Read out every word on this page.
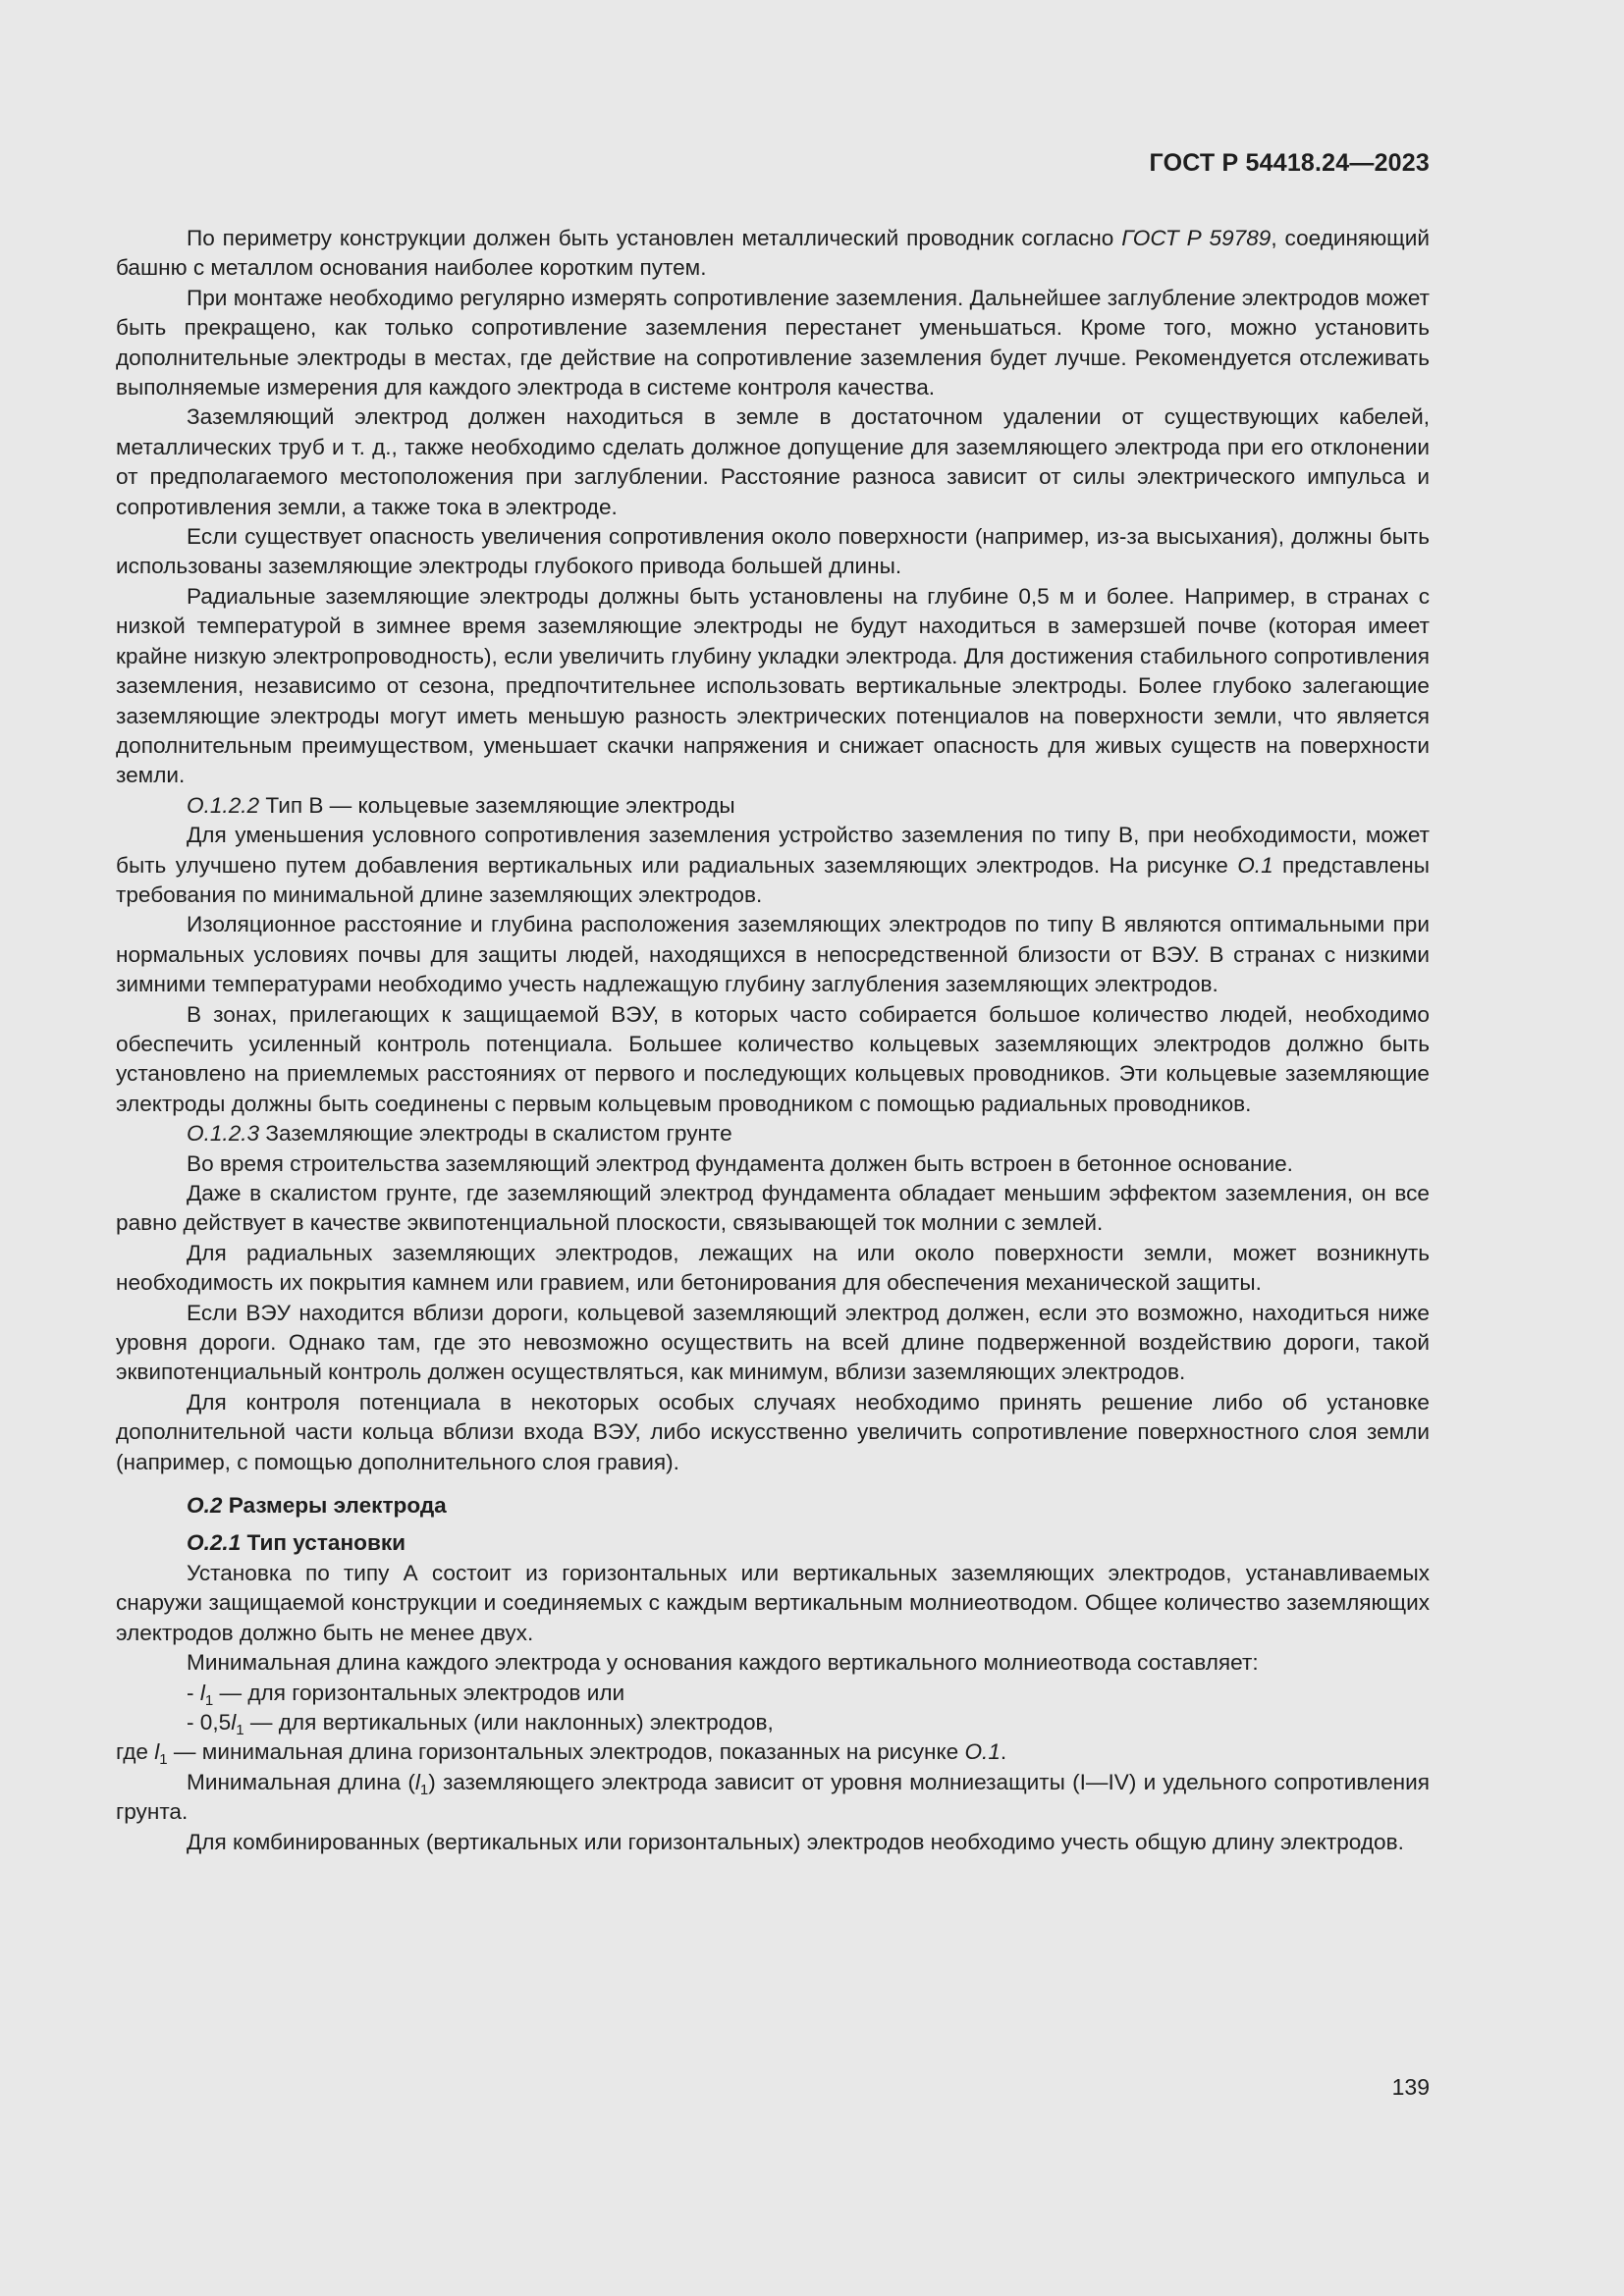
ГОСТ Р 54418.24—2023

По периметру конструкции должен быть установлен металлический проводник согласно ГОСТ Р 59789, соединяющий башню с металлом основания наиболее коротким путем.

При монтаже необходимо регулярно измерять сопротивление заземления. Дальнейшее заглубление электродов может быть прекращено, как только сопротивление заземления перестанет уменьшаться. Кроме того, можно установить дополнительные электроды в местах, где действие на сопротивление заземления будет лучше. Рекомендуется отслеживать выполняемые измерения для каждого электрода в системе контроля качества.

Заземляющий электрод должен находиться в земле в достаточном удалении от существующих кабелей, металлических труб и т. д., также необходимо сделать должное допущение для заземляющего электрода при его отклонении от предполагаемого местоположения при заглублении. Расстояние разноса зависит от силы электрического импульса и сопротивления земли, а также тока в электроде.

Если существует опасность увеличения сопротивления около поверхности (например, из-за высыхания), должны быть использованы заземляющие электроды глубокого привода большей длины.

Радиальные заземляющие электроды должны быть установлены на глубине 0,5 м и более. Например, в странах с низкой температурой в зимнее время заземляющие электроды не будут находиться в замерзшей почве (которая имеет крайне низкую электропроводность), если увеличить глубину укладки электрода. Для достижения стабильного сопротивления заземления, независимо от сезона, предпочтительнее использовать вертикальные электроды. Более глубоко залегающие заземляющие электроды могут иметь меньшую разность электрических потенциалов на поверхности земли, что является дополнительным преимуществом, уменьшает скачки напряжения и снижает опасность для живых существ на поверхности земли.

О.1.2.2 Тип В — кольцевые заземляющие электроды

Для уменьшения условного сопротивления заземления устройство заземления по типу В, при необходимости, может быть улучшено путем добавления вертикальных или радиальных заземляющих электродов. На рисунке О.1 представлены требования по минимальной длине заземляющих электродов.

Изоляционное расстояние и глубина расположения заземляющих электродов по типу В являются оптимальными при нормальных условиях почвы для защиты людей, находящихся в непосредственной близости от ВЭУ. В странах с низкими зимними температурами необходимо учесть надлежащую глубину заглубления заземляющих электродов.

В зонах, прилегающих к защищаемой ВЭУ, в которых часто собирается большое количество людей, необходимо обеспечить усиленный контроль потенциала. Большее количество кольцевых заземляющих электродов должно быть установлено на приемлемых расстояниях от первого и последующих кольцевых проводников. Эти кольцевые заземляющие электроды должны быть соединены с первым кольцевым проводником с помощью радиальных проводников.

О.1.2.3 Заземляющие электроды в скалистом грунте

Во время строительства заземляющий электрод фундамента должен быть встроен в бетонное основание.

Даже в скалистом грунте, где заземляющий электрод фундамента обладает меньшим эффектом заземления, он все равно действует в качестве эквипотенциальной плоскости, связывающей ток молнии с землей.

Для радиальных заземляющих электродов, лежащих на или около поверхности земли, может возникнуть необходимость их покрытия камнем или гравием, или бетонирования для обеспечения механической защиты.

Если ВЭУ находится вблизи дороги, кольцевой заземляющий электрод должен, если это возможно, находиться ниже уровня дороги. Однако там, где это невозможно осуществить на всей длине подверженной воздействию дороги, такой эквипотенциальный контроль должен осуществляться, как минимум, вблизи заземляющих электродов.

Для контроля потенциала в некоторых особых случаях необходимо принять решение либо об установке дополнительной части кольца вблизи входа ВЭУ, либо искусственно увеличить сопротивление поверхностного слоя земли (например, с помощью дополнительного слоя гравия).

О.2 Размеры электрода

О.2.1 Тип установки

Установка по типу А состоит из горизонтальных или вертикальных заземляющих электродов, устанавливаемых снаружи защищаемой конструкции и соединяемых с каждым вертикальным молниеотводом. Общее количество заземляющих электродов должно быть не менее двух.

Минимальная длина каждого электрода у основания каждого вертикального молниеотвода составляет:

- $l_1$ — для горизонтальных электродов или

- $0,5l_1$ — для вертикальных (или наклонных) электродов,

где $l_1$ — минимальная длина горизонтальных электродов, показанных на рисунке О.1.

Минимальная длина $(l_1)$ заземляющего электрода зависит от уровня молниезащиты (I—IV) и удельного сопротивления грунта.

Для комбинированных (вертикальных или горизонтальных) электродов необходимо учесть общую длину электродов.

139
